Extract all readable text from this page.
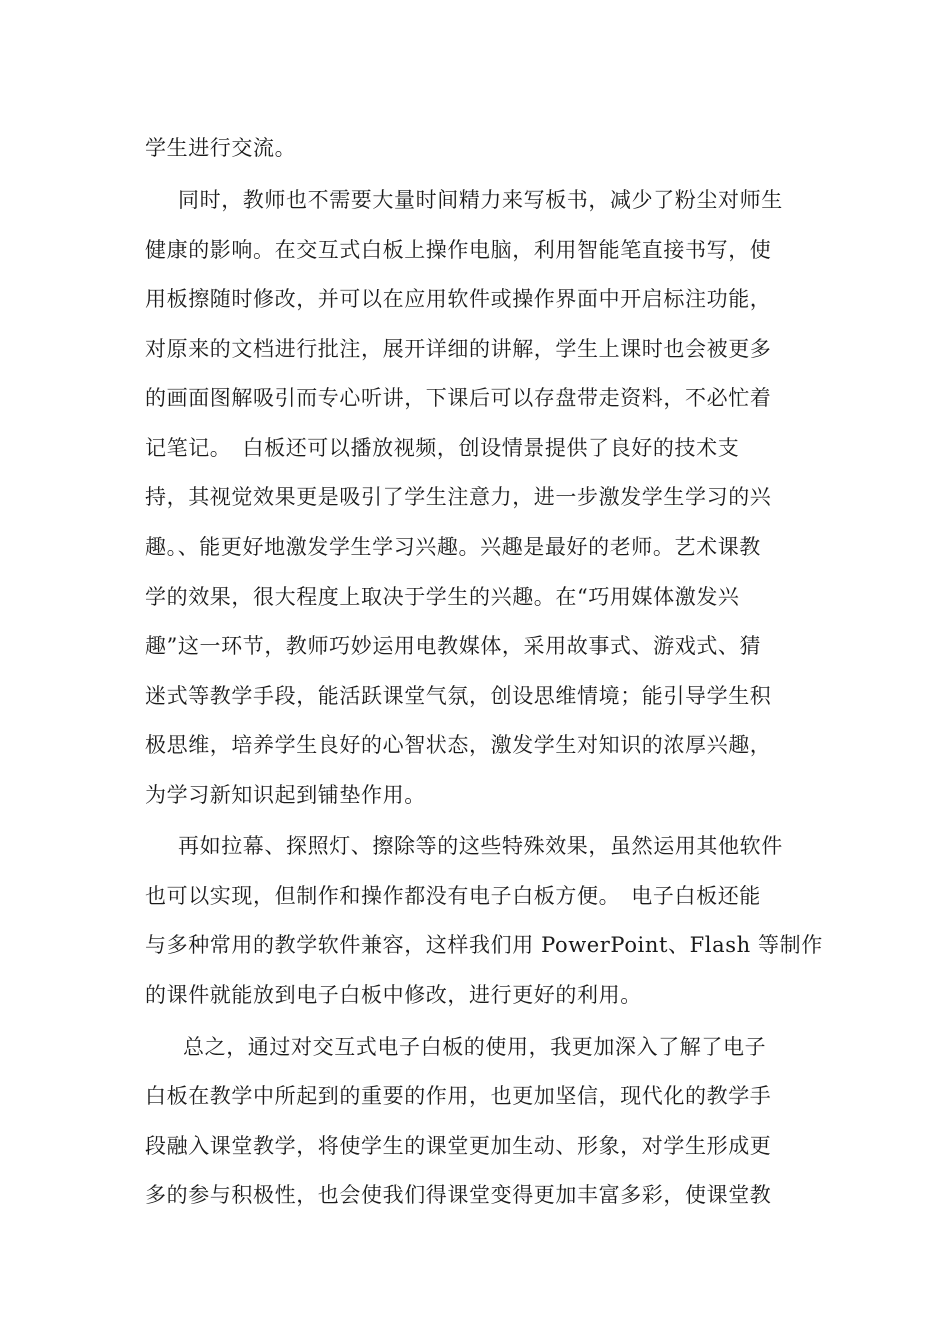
学生进行交流。
同时，教师也不需要大量时间精力来写板书，减少了粉尘对师生
健康的影响。在交互式白板上操作电脑，利用智能笔直接书写，使
用板擦随时修改，并可以在应用软件或操作界面中开启标注功能，
对原来的文档进行批注，展开详细的讲解，学生上课时也会被更多
的画面图解吸引而专心听讲，下课后可以存盘带走资料，不必忙着
记笔记。　白板还可以播放视频，创设情景提供了良好的技术支
持，其视觉效果更是吸引了学生注意力，进一步激发学生学习的兴
趣。、能更好地激发学生学习兴趣。兴趣是最好的老师。艺术课教
学的效果，很大程度上取决于学生的兴趣。在“巧用媒体激发兴
趣”这一环节，教师巧妙运用电教媒体，采用故事式、游戏式、猜
迷式等教学手段，能活跃课堂气氛，创设思维情境；能引导学生积
极思维，培养学生良好的心智状态，激发学生对知识的浓厚兴趣，
为学习新知识起到铺垫作用。
再如拉幕、探照灯、擦除等的这些特殊效果，虽然运用其他软件
也可以实现，但制作和操作都没有电子白板方便。　电子白板还能
与多种常用的教学软件兼容，这样我们用 PowerPoint、Flash 等制作
的课件就能放到电子白板中修改，进行更好的利用。
总之，通过对交互式电子白板的使用，我更加深入了解了电子
白板在教学中所起到的重要的作用，也更加坚信，现代化的教学手
段融入课堂教学，将使学生的课堂更加生动、形象，对学生形成更
多的参与积极性，也会使我们得课堂变得更加丰富多彩，使课堂教
